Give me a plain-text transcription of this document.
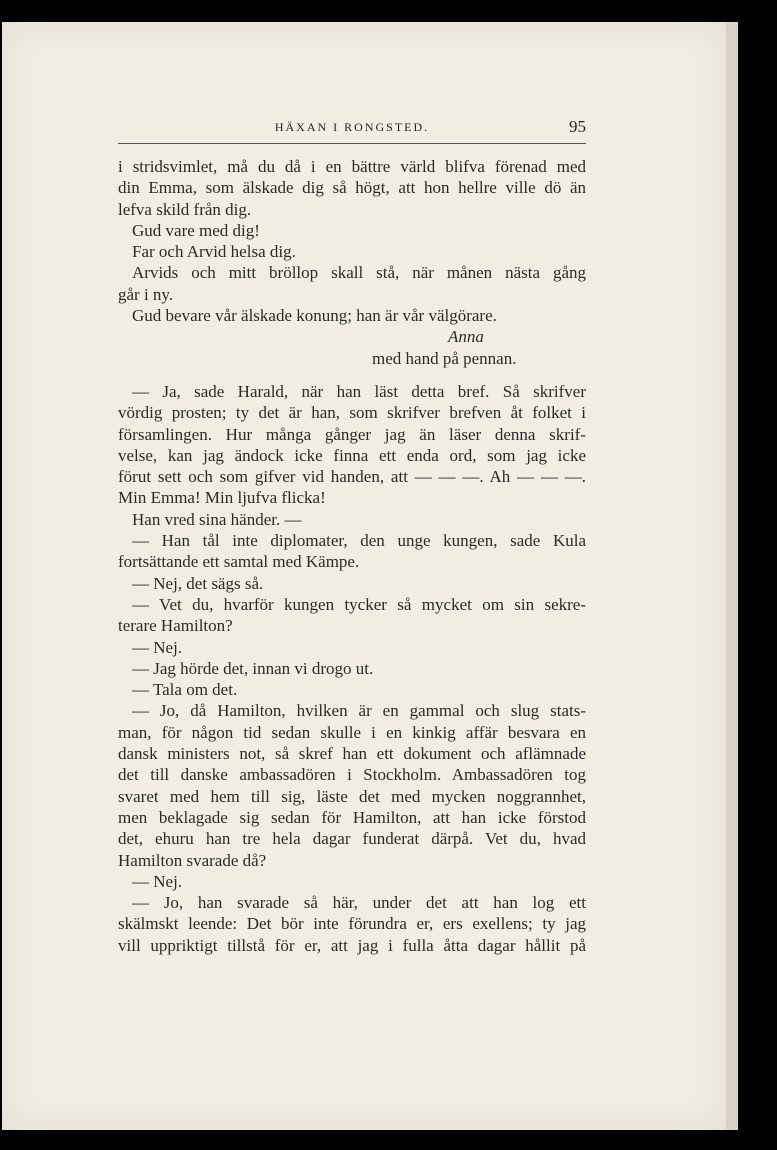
HÄXAN I RONGSTED.	95
i stridsvimlet, må du då i en bättre värld blifva förenad med
din Emma, som älskade dig så högt, att hon hellre ville dö än
lefva skild från dig.
Gud vare med dig!
Far och Arvid helsa dig.
Arvids och mitt bröllop skall stå, när månen nästa gång
går i ny.
Gud bevare vår älskade konung; han är vår välgörare.
Anna
med hand på pennan.
— Ja, sade Harald, när han läst detta bref. Så skrifver
vördig prosten; ty det är han, som skrifver brefven åt folket i
församlingen. Hur många gånger jag än läser denna skrif-
velse, kan jag ändock icke finna ett enda ord, som jag icke
förut sett och som gifver vid handen, att — — —. Ah — — —.
Min Emma! Min ljufva flicka!
Han vred sina händer. —
— Han tål inte diplomater, den unge kungen, sade Kula
fortsättande ett samtal med Kämpe.
— Nej, det sägs så.
— Vet du, hvarför kungen tycker så mycket om sin sekre-
terare Hamilton?
— Nej.
— Jag hörde det, innan vi drogo ut.
— Tala om det.
— Jo, då Hamilton, hvilken är en gammal och slug stats-
man, för någon tid sedan skulle i en kinkig affär besvara en
dansk ministers not, så skref han ett dokument och aflämnade
det till danske ambassadören i Stockholm. Ambassadören tog
svaret med hem till sig, läste det med mycken noggrannhet,
men beklagade sig sedan för Hamilton, att han icke förstod
det, ehuru han tre hela dagar funderat därpå. Vet du, hvad
Hamilton svarade då?
— Nej.
— Jo, han svarade så här, under det att han log ett
skälmskt leende: Det bör inte förundra er, ers exellens; ty jag
vill uppriktigt tillstå för er, att jag i fulla åtta dagar hållit på
